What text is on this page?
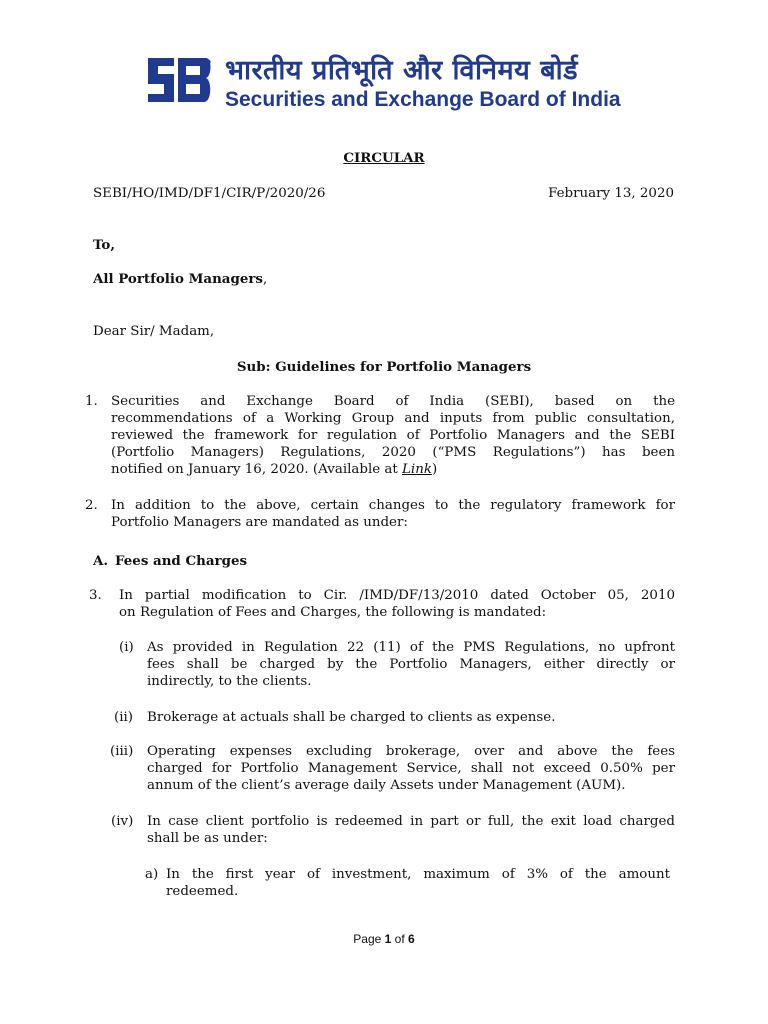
भारतीय प्रतिभूति और विनिमय बोर्ड
Securities and Exchange Board of India
CIRCULAR
SEBI/HO/IMD/DF1/CIR/P/2020/26	February 13, 2020
To,
All Portfolio Managers,
Dear Sir/ Madam,
Sub: Guidelines for Portfolio Managers
1. Securities and Exchange Board of India (SEBI), based on the
recommendations of a Working Group and inputs from public consultation,
reviewed the framework for regulation of Portfolio Managers and the SEBI
(Portfolio Managers) Regulations, 2020 (“PMS Regulations”) has been
notified on January 16, 2020. (Available at Link)
2. In addition to the above, certain changes to the regulatory framework for
Portfolio Managers are mandated as under:
A. Fees and Charges
3. In partial modification to Cir. /IMD/DF/13/2010 dated October 05, 2010
on Regulation of Fees and Charges, the following is mandated:
(i) As provided in Regulation 22 (11) of the PMS Regulations, no upfront
fees shall be charged by the Portfolio Managers, either directly or
indirectly, to the clients.
(ii) Brokerage at actuals shall be charged to clients as expense.
(iii) Operating expenses excluding brokerage, over and above the fees
charged for Portfolio Management Service, shall not exceed 0.50% per
annum of the client’s average daily Assets under Management (AUM).
(iv) In case client portfolio is redeemed in part or full, the exit load charged
shall be as under:
a) In the first year of investment, maximum of 3% of the amount
redeemed.
Page 1 of 6
